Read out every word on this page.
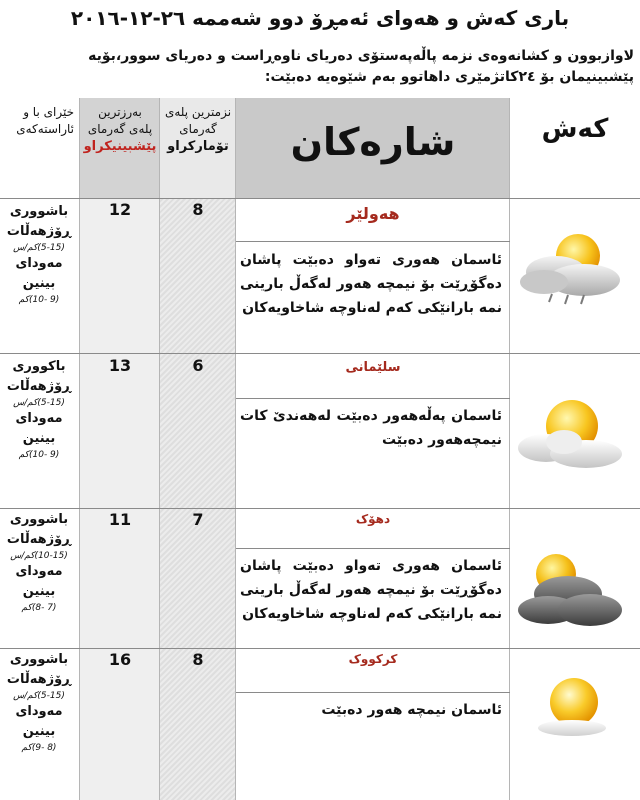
باری کەش و هەوای ئەمڕۆ دوو شەممە ٢٦-١٢-٢٠١٦
لاوازبوون و کشانەوەی نزمە پاڵەپەستۆی دەریای ناوەڕاست و دەریای سوور،بۆیە پێشبینیمان بۆ ٢٤کاتژمێری داهاتوو بەم شێوەیە دەبێت:
خێرای با و
ئاراستەکەی
بەرزترین
پلەی گەرمای
پێشبینیکراو
نزمترین پلەی
گەرمای
تۆمارکراو	شارەکان	کەش
12	8	هەولێر
ئاسمان هەوری تەواو دەبێت پاشان دەگۆڕێت بۆ نیمچە هەور لەگەڵ بارینی نمە بارانێکی کەم لەناوچە شاخاویەکان
باشووری ڕۆژهەڵات
(5-15)کم/س
مەودای بینین
(9 -10)کم
13	6	سلێمانی
ئاسمان پەڵەهەور دەبێت لەهەندێ کات نیمچەهەور دەبێت
باکووری ڕۆژهەڵات
(5-15)کم/س
مەودای بینین
(9 -10)کم
11	7	دهۆک
ئاسمان هەوری تەواو دەبێت پاشان دەگۆڕێت بۆ نیمچە هەور لەگەڵ بارینی نمە بارانێکی کەم لەناوچە شاخاویەکان
باشووری ڕۆژهەڵات
(10-15)کم/س
مەودای بینین
(7 -8)کم
16	8	کرکووک
ئاسمان نیمچە هەور دەبێت
باشووری ڕۆژهەڵات
(5-15)کم/س
مەودای بینین
(8 -9)کم
